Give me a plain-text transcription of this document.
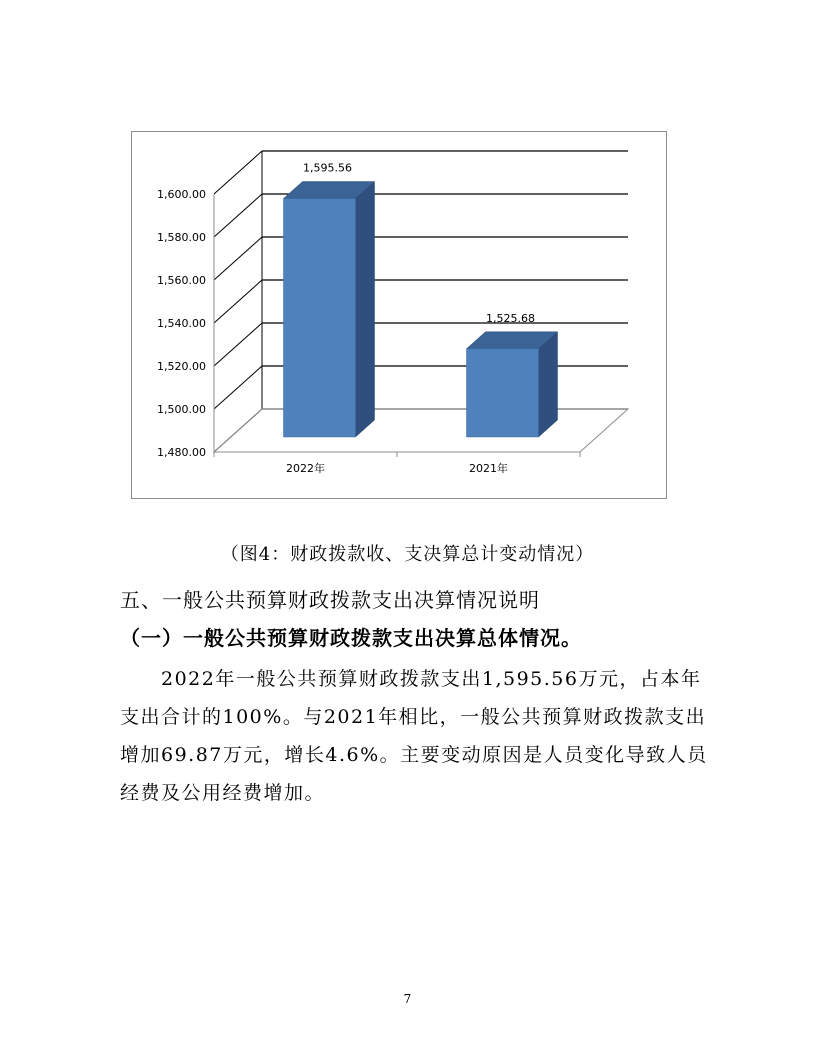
1,480.00
1,500.00
1,520.00
1,540.00
1,560.00
1,580.00
1,600.00
1,595.56
2022年
1,525.68
2021年
（图4：财政拨款收、支决算总计变动情况）
五、一般公共预算财政拨款支出决算情况说明
（一）一般公共预算财政拨款支出决算总体情况。
　　2022年一般公共预算财政拨款支出1,595.56万元，占本年
支出合计的100%。与2021年相比，一般公共预算财政拨款支出
增加69.87万元，增长4.6%。主要变动原因是人员变化导致人员
经费及公用经费增加。
7
